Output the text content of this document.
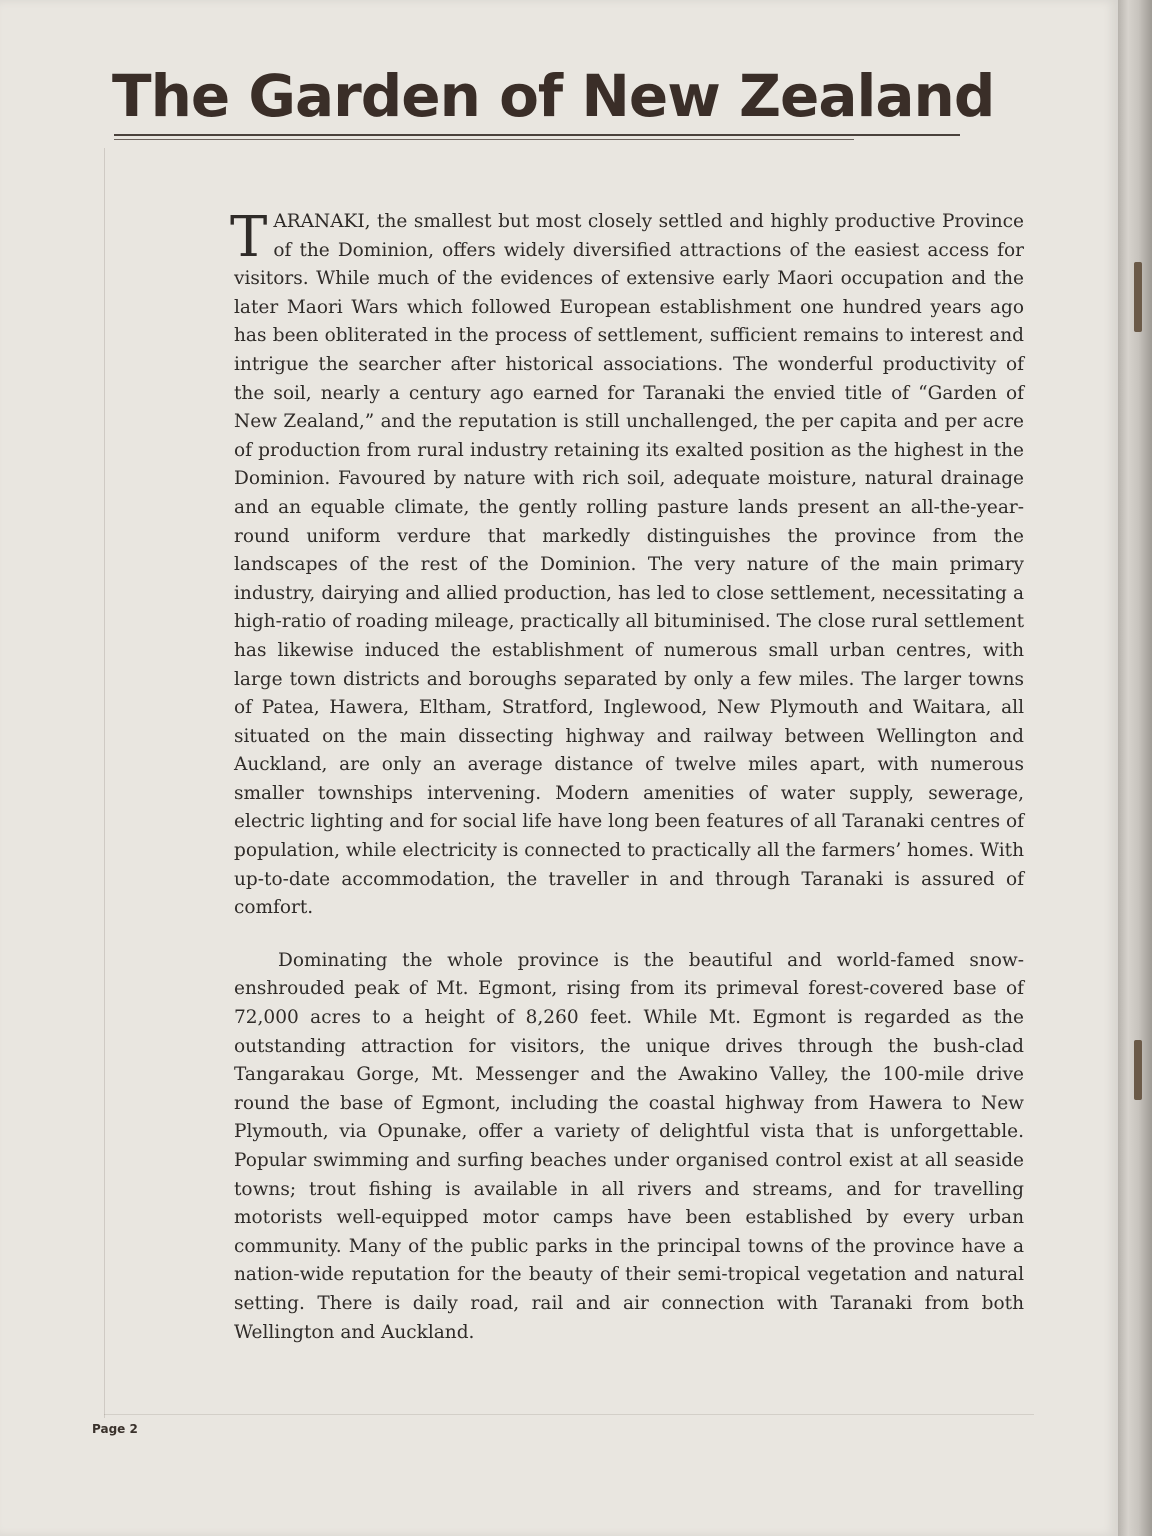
The Garden of New Zealand

TARANAKI, the smallest but most closely settled and highly productive Province of the Dominion, offers widely diversified attractions of the easiest access for visitors. While much of the evidences of extensive early Maori occupation and the later Maori Wars which followed European establishment one hundred years ago has been obliterated in the process of settlement, sufficient remains to interest and intrigue the searcher after historical associations. The wonderful productivity of the soil, nearly a century ago earned for Taranaki the envied title of “Garden of New Zealand,” and the reputation is still unchallenged, the per capita and per acre of production from rural industry retaining its exalted position as the highest in the Dominion. Favoured by nature with rich soil, adequate moisture, natural drainage and an equable climate, the gently rolling pasture lands present an all-the-year-round uniform verdure that markedly distinguishes the province from the landscapes of the rest of the Dominion. The very nature of the main primary industry, dairying and allied production, has led to close settlement, necessitating a high-ratio of roading mileage, practically all bituminised. The close rural settlement has likewise induced the establishment of numerous small urban centres, with large town districts and boroughs separated by only a few miles. The larger towns of Patea, Hawera, Eltham, Stratford, Inglewood, New Plymouth and Waitara, all situated on the main dissecting highway and railway between Wellington and Auckland, are only an average distance of twelve miles apart, with numerous smaller townships intervening. Modern amenities of water supply, sewerage, electric lighting and for social life have long been features of all Taranaki centres of population, while electricity is connected to practically all the farmers’ homes. With up-to-date accommodation, the traveller in and through Taranaki is assured of comfort.

Dominating the whole province is the beautiful and world-famed snow-enshrouded peak of Mt. Egmont, rising from its primeval forest-covered base of 72,000 acres to a height of 8,260 feet. While Mt. Egmont is regarded as the outstanding attraction for visitors, the unique drives through the bush-clad Tangarakau Gorge, Mt. Messenger and the Awakino Valley, the 100-mile drive round the base of Egmont, including the coastal highway from Hawera to New Plymouth, via Opunake, offer a variety of delightful vista that is unforgettable. Popular swimming and surfing beaches under organised control exist at all seaside towns; trout fishing is available in all rivers and streams, and for travelling motorists well-equipped motor camps have been established by every urban community. Many of the public parks in the principal towns of the province have a nation-wide reputation for the beauty of their semi-tropical vegetation and natural setting. There is daily road, rail and air connection with Taranaki from both Wellington and Auckland.

Page 2
